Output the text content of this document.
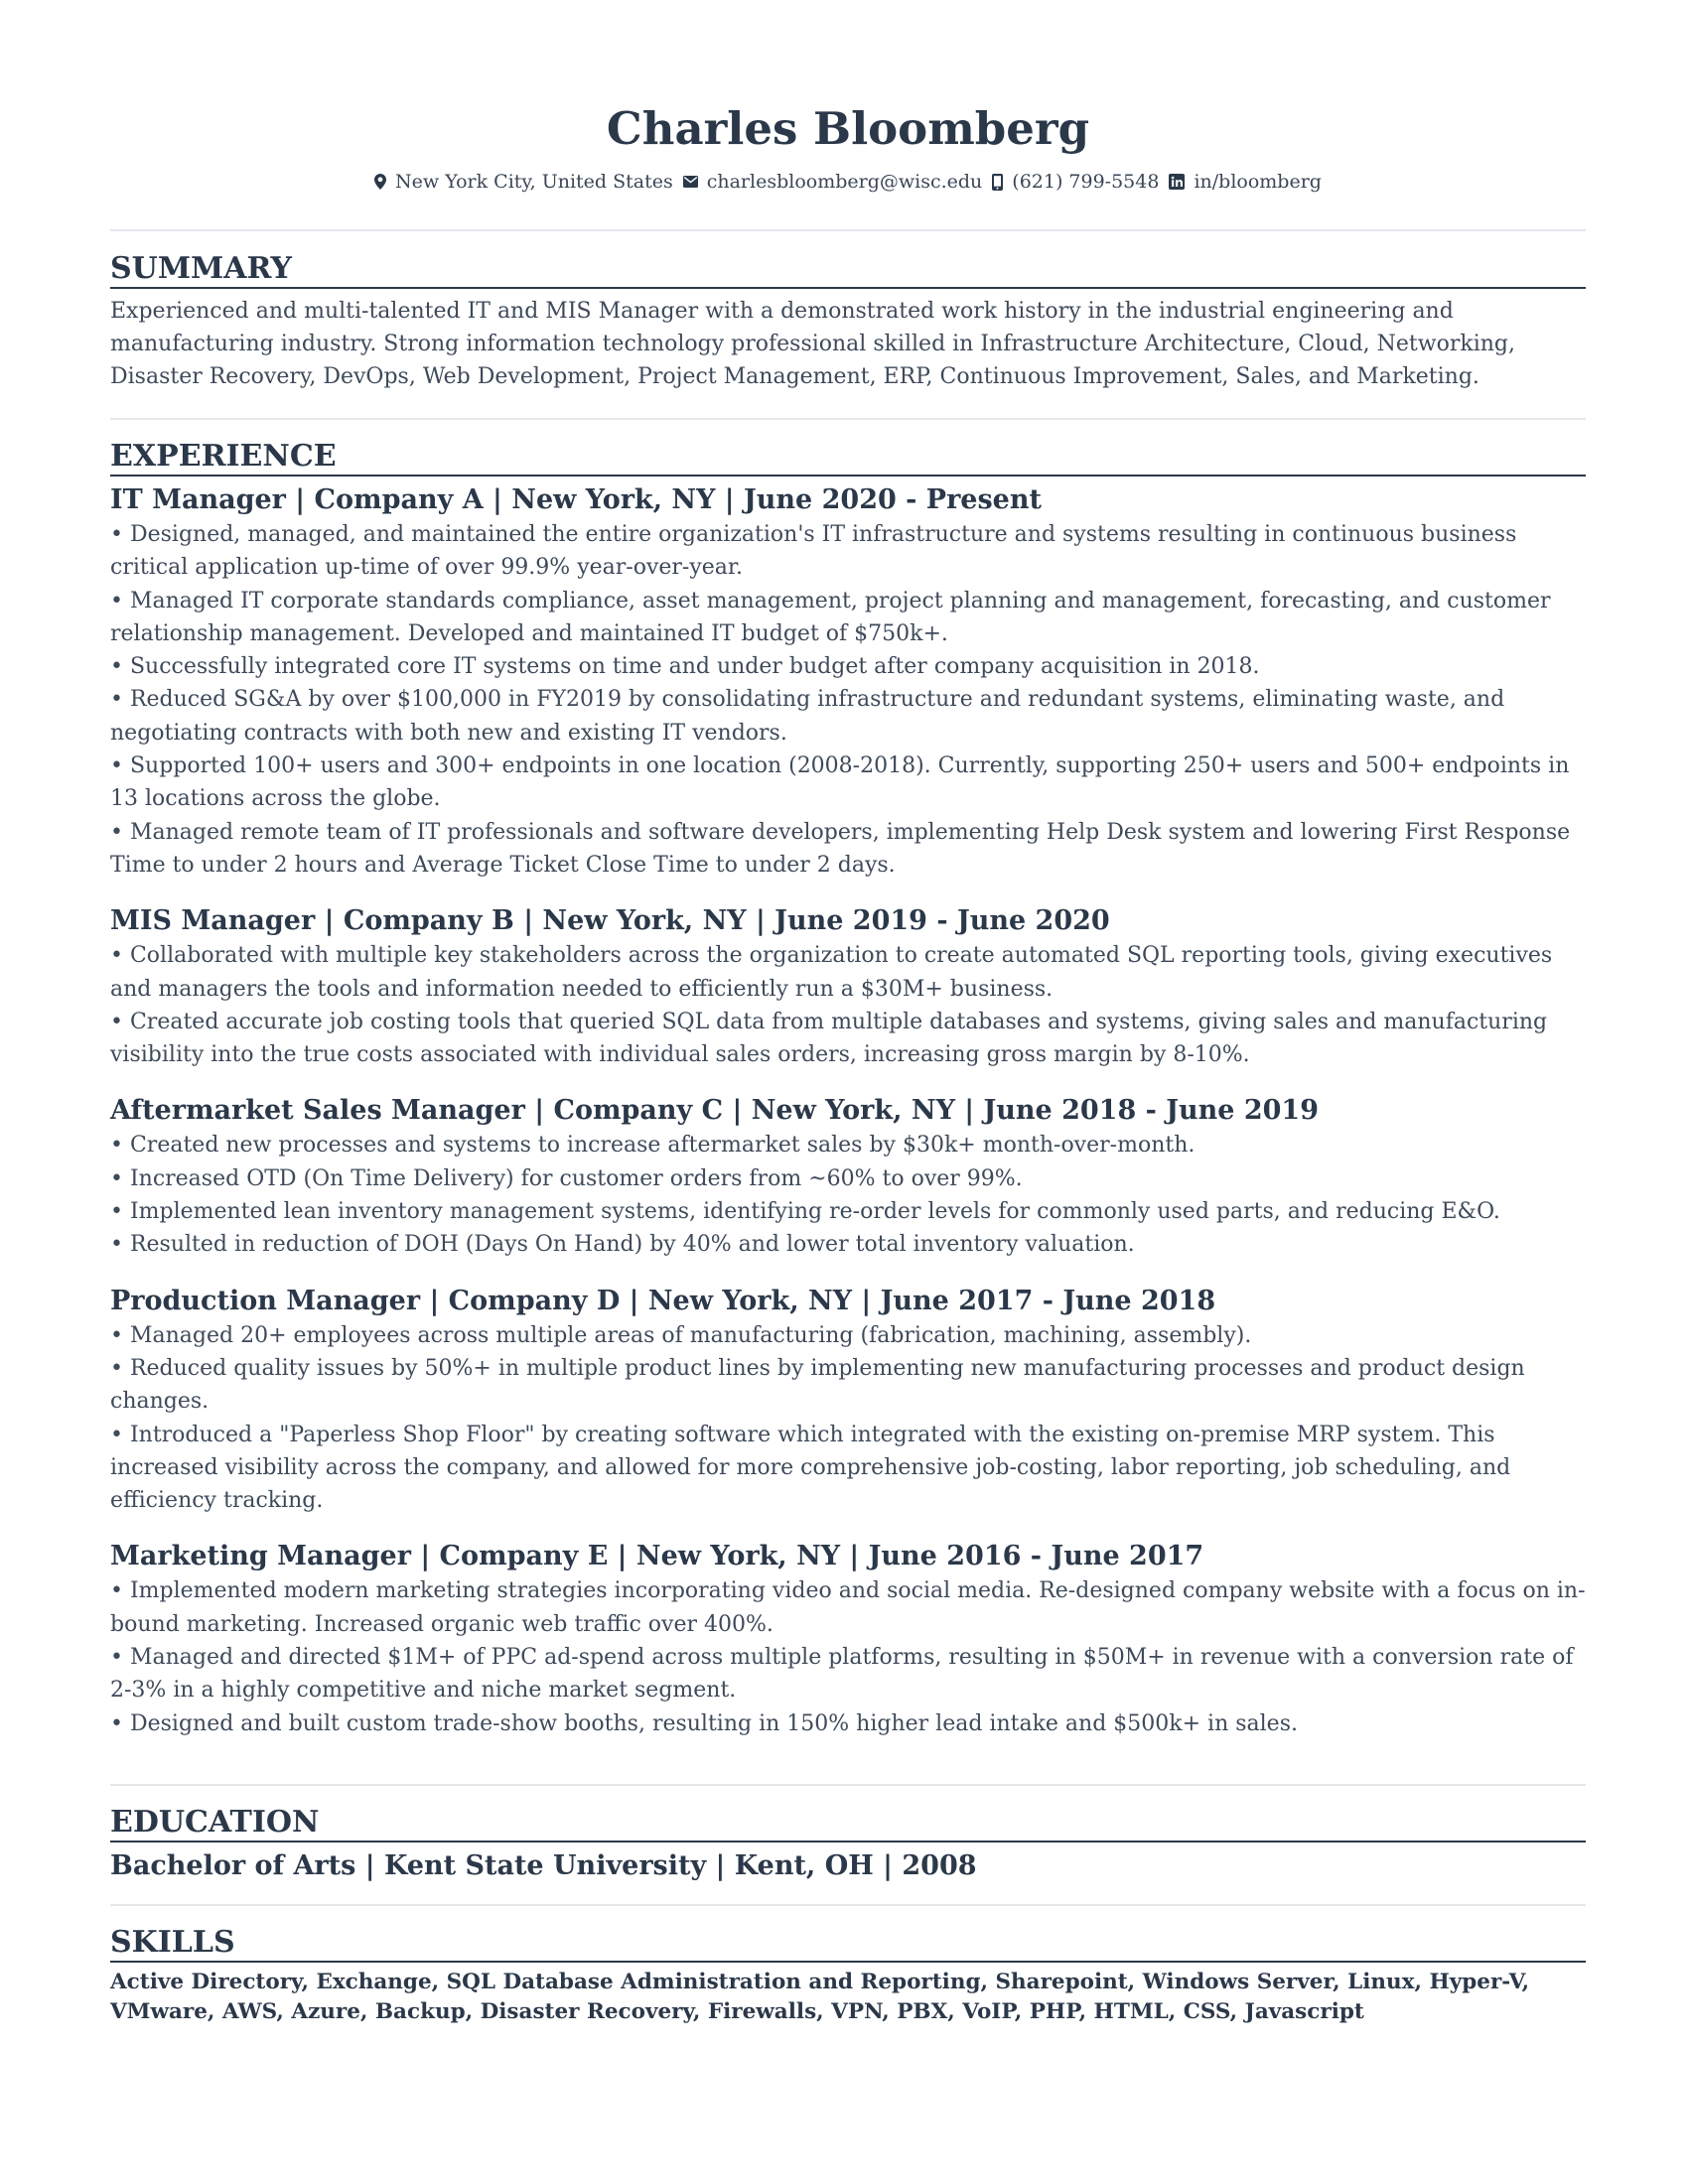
Charles Bloomberg
New York City, United States charlesbloomberg@wisc.edu (621) 799-5548 in/bloomberg
SUMMARY

Experienced and multi-talented IT and MIS Manager with a demonstrated work history in the industrial engineering and manufacturing industry. Strong information technology professional skilled in Infrastructure Architecture, Cloud, Networking, Disaster Recovery, DevOps, Web Development, Project Management, ERP, Continuous Improvement, Sales, and Marketing.

EXPERIENCE
IT Manager | Company A | New York, NY | June 2020 - Present
• Designed, managed, and maintained the entire organization's IT infrastructure and systems resulting in continuous business critical application up-time of over 99.9% year-over-year.
• Managed IT corporate standards compliance, asset management, project planning and management, forecasting, and customer relationship management. Developed and maintained IT budget of $750k+.
• Successfully integrated core IT systems on time and under budget after company acquisition in 2018.
• Reduced SG&A by over $100,000 in FY2019 by consolidating infrastructure and redundant systems, eliminating waste, and negotiating contracts with both new and existing IT vendors.
• Supported 100+ users and 300+ endpoints in one location (2008-2018). Currently, supporting 250+ users and 500+ endpoints in 13 locations across the globe.
• Managed remote team of IT professionals and software developers, implementing Help Desk system and lowering First Response Time to under 2 hours and Average Ticket Close Time to under 2 days.
MIS Manager | Company B | New York, NY | June 2019 - June 2020
• Collaborated with multiple key stakeholders across the organization to create automated SQL reporting tools, giving executives and managers the tools and information needed to efficiently run a $30M+ business.
• Created accurate job costing tools that queried SQL data from multiple databases and systems, giving sales and manufacturing visibility into the true costs associated with individual sales orders, increasing gross margin by 8-10%.
Aftermarket Sales Manager | Company C | New York, NY | June 2018 - June 2019
• Created new processes and systems to increase aftermarket sales by $30k+ month-over-month.
• Increased OTD (On Time Delivery) for customer orders from ~60% to over 99%.
• Implemented lean inventory management systems, identifying re-order levels for commonly used parts, and reducing E&O.
• Resulted in reduction of DOH (Days On Hand) by 40% and lower total inventory valuation.
Production Manager | Company D | New York, NY | June 2017 - June 2018
• Managed 20+ employees across multiple areas of manufacturing (fabrication, machining, assembly).
• Reduced quality issues by 50%+ in multiple product lines by implementing new manufacturing processes and product design changes.
• Introduced a "Paperless Shop Floor" by creating software which integrated with the existing on-premise MRP system. This increased visibility across the company, and allowed for more comprehensive job-costing, labor reporting, job scheduling, and efficiency tracking.
Marketing Manager | Company E | New York, NY | June 2016 - June 2017
• Implemented modern marketing strategies incorporating video and social media. Re-designed company website with a focus on in-bound marketing. Increased organic web traffic over 400%.
• Managed and directed $1M+ of PPC ad-spend across multiple platforms, resulting in $50M+ in revenue with a conversion rate of 2-3% in a highly competitive and niche market segment.
• Designed and built custom trade-show booths, resulting in 150% higher lead intake and $500k+ in sales.
EDUCATION

Bachelor of Arts | Kent State University | Kent, OH | 2008

SKILLS

Active Directory, Exchange, SQL Database Administration and Reporting, Sharepoint, Windows Server, Linux, Hyper-V, VMware, AWS, Azure, Backup, Disaster Recovery, Firewalls, VPN, PBX, VoIP, PHP, HTML, CSS, Javascript
